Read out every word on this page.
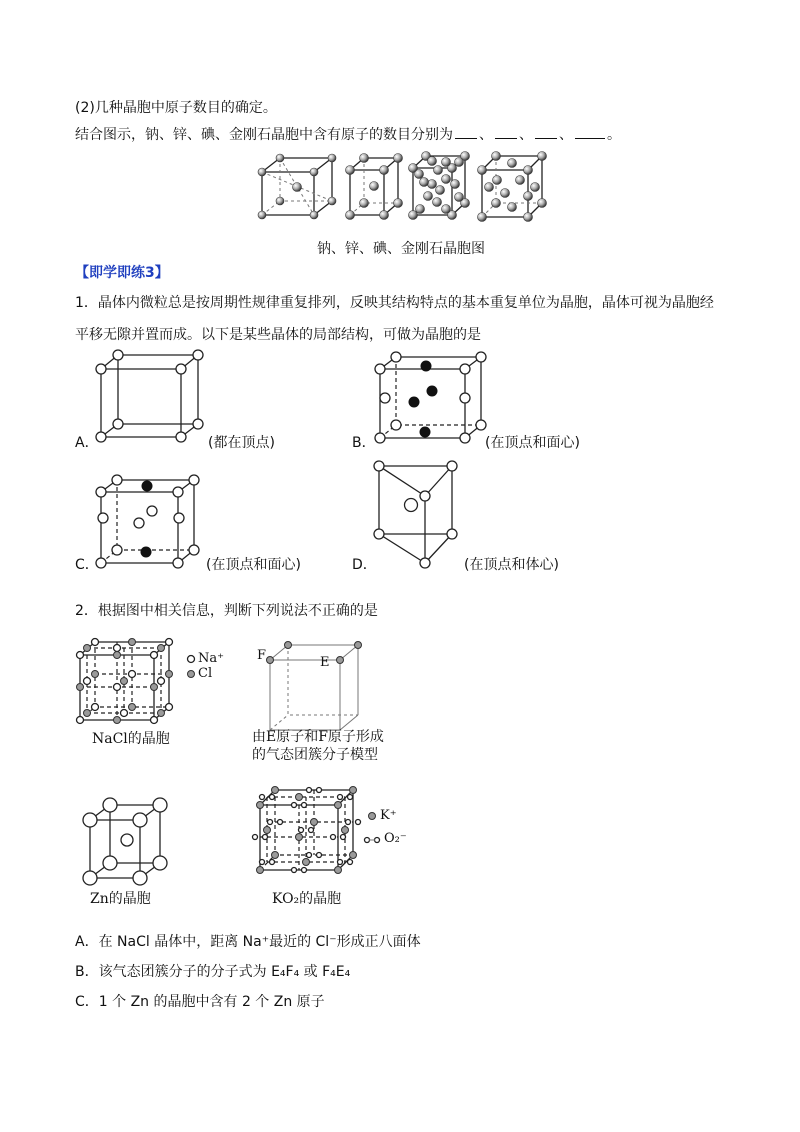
(2)几种晶胞中原子数目的确定。
结合图示，钠、锌、碘、金刚石晶胞中含有原子的数目分别为 、 、 、 。
钠、锌、碘、金刚石晶胞图
【即学即练3】
1．晶体内微粒总是按周期性规律重复排列，反映其结构特点的基本重复单位为晶胞，晶体可视为晶胞经
平移无隙并置而成。以下是某些晶体的局部结构，可做为晶胞的是
A．	(都在顶点)	B．	(在顶点和面心)
C．	(在顶点和面心)	D．	(在顶点和体心)
2．根据图中相关信息，判断下列说法不正确的是
Na⁺
Cl
NaCl的晶胞
F	E
由E原子和F原子形成
的气态团簇分子模型
Zn的晶胞
K⁺
O₂⁻
KO₂的晶胞
A．在 NaCl 晶体中，距离 Na⁺最近的 Cl⁻形成正八面体
B．该气态团簇分子的分子式为 E₄F₄ 或 F₄E₄
C．1 个 Zn 的晶胞中含有 2 个 Zn 原子
